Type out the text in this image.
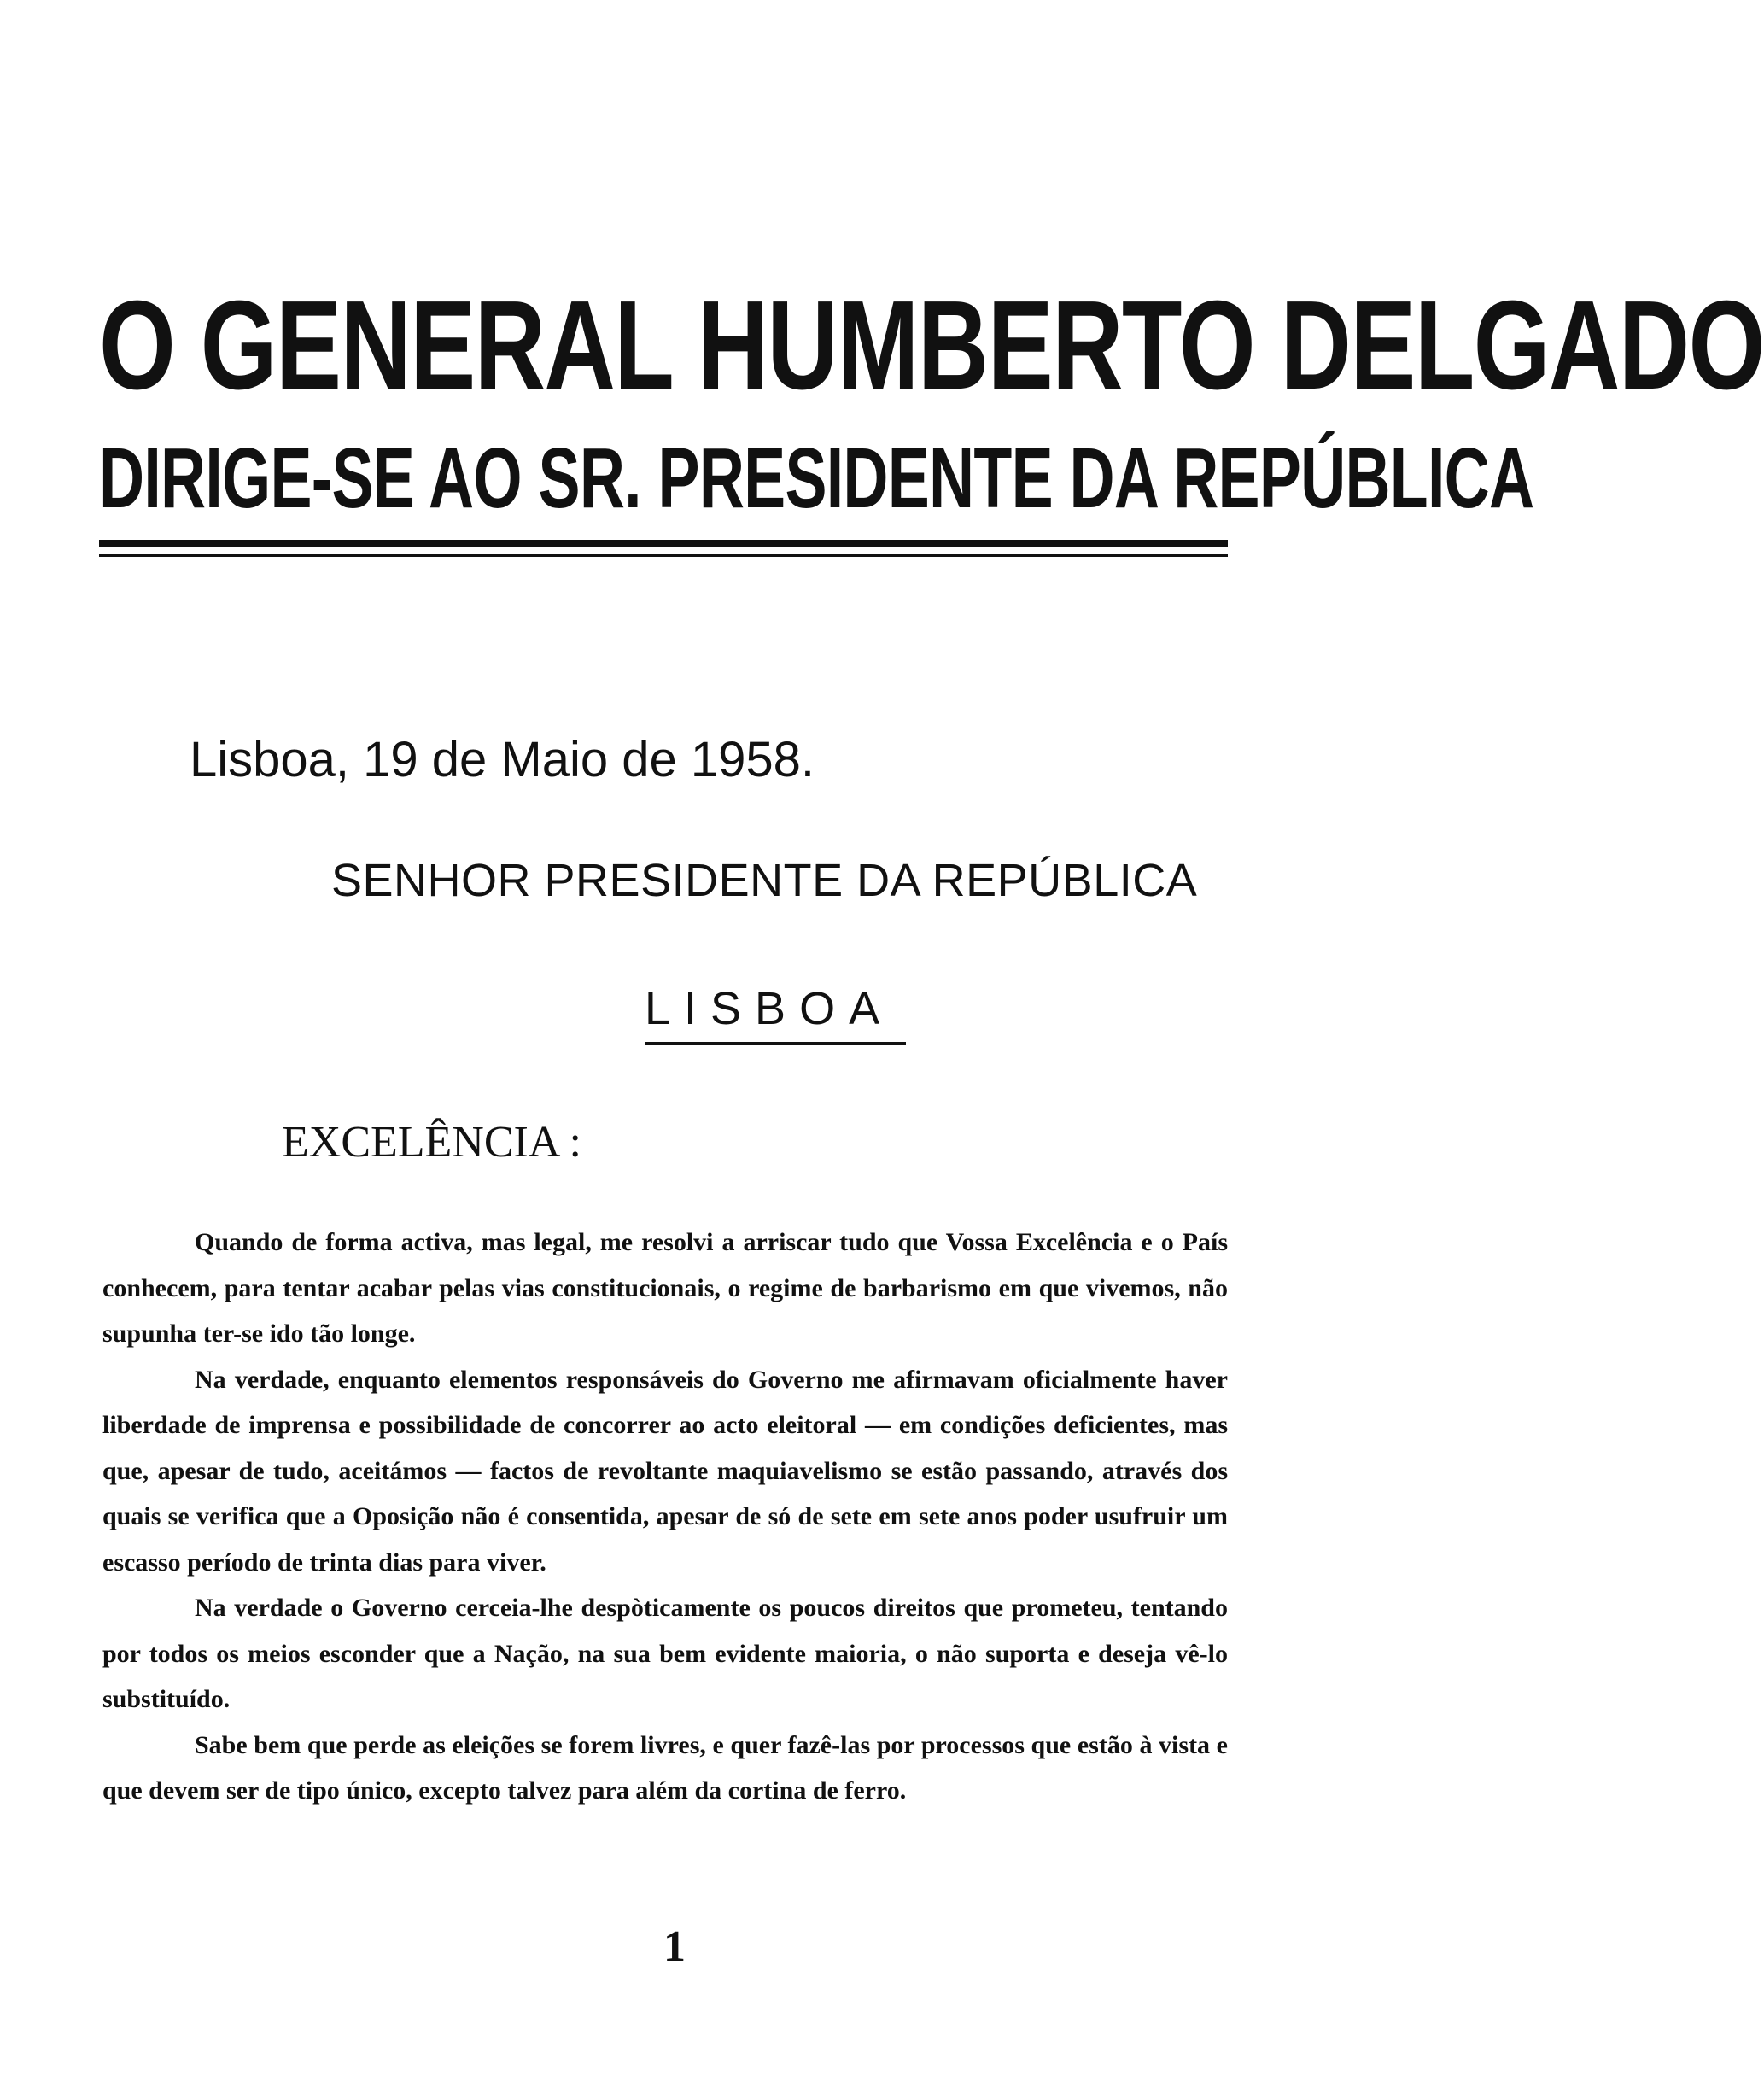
O GENERAL HUMBERTO DELGADO
DIRIGE-SE AO SR. PRESIDENTE DA REPÚBLICA
Lisboa, 19 de Maio de 1958.
SENHOR PRESIDENTE DA REPÚBLICA
LISBOA
EXCELÊNCIA :

Quando de forma activa, mas legal, me resolvi a arriscar tudo que Vossa Excelência e o País conhecem, para tentar acabar pelas vias constitucionais, o regime de barbarismo em que vivemos, não supunha ter-se ido tão longe.

Na verdade, enquanto elementos responsáveis do Governo me afirmavam oficialmente haver liberdade de imprensa e possibilidade de concorrer ao acto eleitoral — em condições deficientes, mas que, apesar de tudo, aceitámos — factos de revoltante maquiavelismo se estão passando, através dos quais se verifica que a Oposição não é consentida, apesar de só de sete em sete anos poder usufruir um escasso período de trinta dias para viver.

Na verdade o Governo cerceia-lhe despòticamente os poucos direitos que prometeu, tentando por todos os meios esconder que a Nação, na sua bem evidente maioria, o não suporta e deseja vê-lo substituído.

Sabe bem que perde as eleições se forem livres, e quer fazê-las por processos que estão à vista e que devem ser de tipo único, excepto talvez para além da cortina de ferro.

1
